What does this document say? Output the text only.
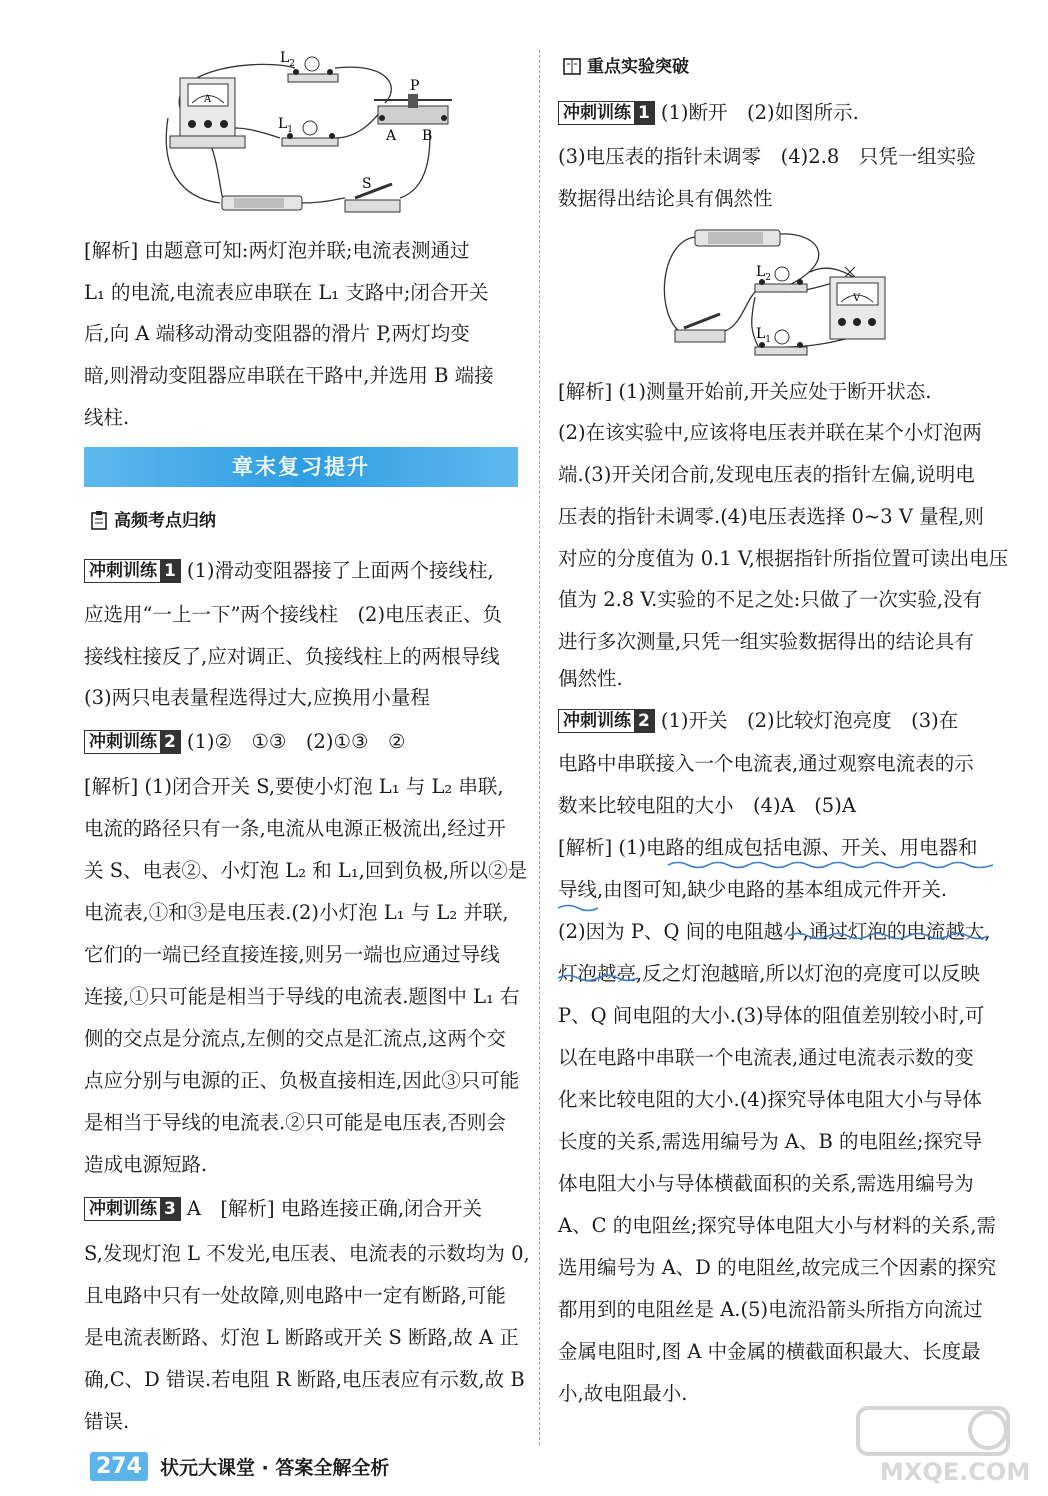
A
$L_2$
$L_1$
P
A B
S
[解析] 由题意可知:两灯泡并联;电流表测通过
L₁ 的电流,电流表应串联在 L₁ 支路中;闭合开关
后,向 A 端移动滑动变阻器的滑片 P,两灯均变
暗,则滑动变阻器应串联在干路中,并选用 B 端接
线柱.
章末复习提升
高频考点归纳
冲刺训练 1 (1)滑动变阻器接了上面两个接线柱,
应选用“一上一下”两个接线柱　(2)电压表正、负
接线柱接反了,应对调正、负接线柱上的两根导线
(3)两只电表量程选得过大,应换用小量程
冲刺训练 2 (1)②　①③　(2)①③　②
[解析] (1)闭合开关 S,要使小灯泡 L₁ 与 L₂ 串联,
电流的路径只有一条,电流从电源正极流出,经过开
关 S、电表②、小灯泡 L₂ 和 L₁,回到负极,所以②是
电流表,①和③是电压表.(2)小灯泡 L₁ 与 L₂ 并联,
它们的一端已经直接连接,则另一端也应通过导线
连接,①只可能是相当于导线的电流表.题图中 L₁ 右
侧的交点是分流点,左侧的交点是汇流点,这两个交
点应分别与电源的正、负极直接相连,因此③只可能
是相当于导线的电流表.②只可能是电压表,否则会
造成电源短路.
冲刺训练 3 A　[解析] 电路连接正确,闭合开关
S,发现灯泡 L 不发光,电压表、电流表的示数均为 0,
且电路中只有一处故障,则电路中一定有断路,可能
是电流表断路、灯泡 L 断路或开关 S 断路,故 A 正
确,C、D 错误.若电阻 R 断路,电压表应有示数,故 B
错误.
重点实验突破
冲刺训练 1 (1)断开　(2)如图所示.
(3)电压表的指针未调零　(4)2.8　只凭一组实验
数据得出结论具有偶然性
$L_2$
$L_1$
V
[解析] (1)测量开始前,开关应处于断开状态.
(2)在该实验中,应该将电压表并联在某个小灯泡两
端.(3)开关闭合前,发现电压表的指针左偏,说明电
压表的指针未调零.(4)电压表选择 0~3 V 量程,则
对应的分度值为 0.1 V,根据指针所指位置可读出电压
值为 2.8 V.实验的不足之处:只做了一次实验,没有
进行多次测量,只凭一组实验数据得出的结论具有
偶然性.
冲刺训练 2 (1)开关　(2)比较灯泡亮度　(3)在
电路中串联接入一个电流表,通过观察电流表的示
数来比较电阻的大小　(4)A　(5)A
[解析] (1)电路的组成包括电源、开关、用电器和
导线,由图可知,缺少电路的基本组成元件开关.
(2)因为 P、Q 间的电阻越小,通过灯泡的电流越大,
灯泡越亮,反之灯泡越暗,所以灯泡的亮度可以反映
P、Q 间电阻的大小.(3)导体的阻值差别较小时,可
以在电路中串联一个电流表,通过电流表示数的变
化来比较电阻的大小.(4)探究导体电阻大小与导体
长度的关系,需选用编号为 A、B 的电阻丝;探究导
体电阻大小与导体横截面积的关系,需选用编号为
A、C 的电阻丝;探究导体电阻大小与材料的关系,需
选用编号为 A、D 的电阻丝,故完成三个因素的探究
都用到的电阻丝是 A.(5)电流沿箭头所指方向流过
金属电阻时,图 A 中金属的横截面积最大、长度最
小,故电阻最小.
274 状元大课堂 · 答案全解全析	MXQE.COM
